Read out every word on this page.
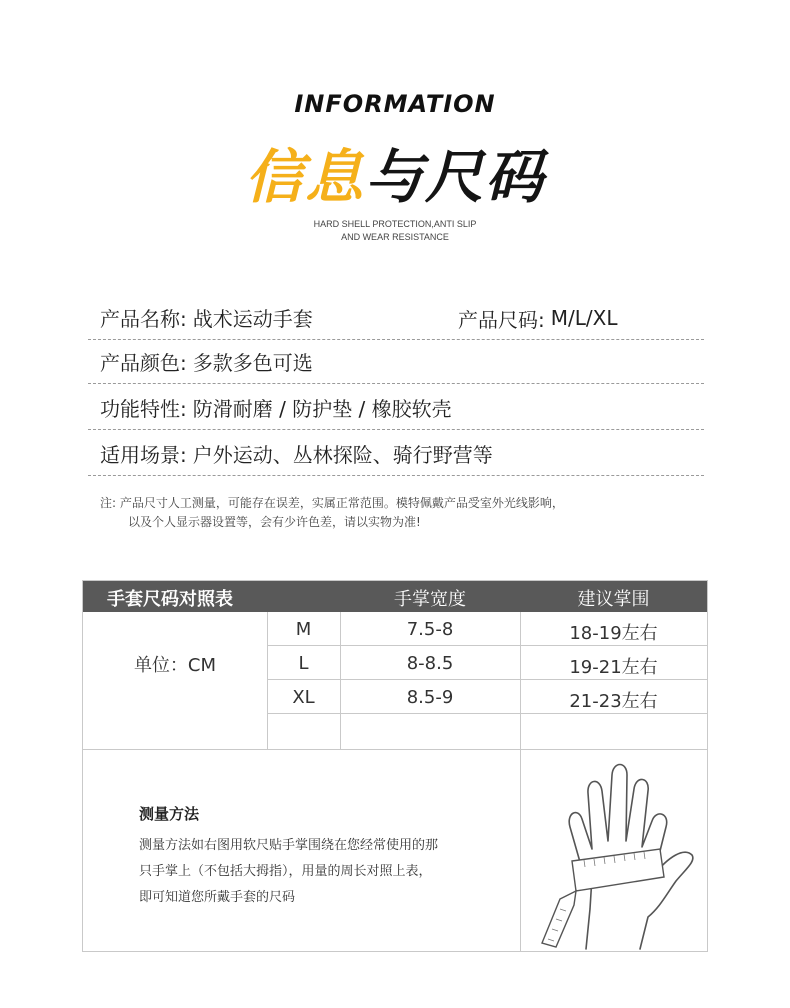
INFORMATION
信息与尺码
HARD SHELL PROTECTION,ANTI SLIP
AND WEAR RESISTANCE
产品名称: 战术运动手套	产品尺码: M/L/XL
产品颜色: 多款多色可选
功能特性: 防滑耐磨 / 防护垫 / 橡胶软壳
适用场景: 户外运动、丛林探险、骑行野营等
注: 产品尺寸人工测量，可能存在误差，实属正常范围。模特佩戴产品受室外光线影响，
以及个人显示器设置等，会有少许色差，请以实物为准!
手套尺码对照表	手掌宽度	建议掌围
单位：CM
M	7.5-8	18-19左右
L	8-8.5	19-21左右
XL	8.5-9	21-23左右
测量方法
测量方法如右图用软尺贴手掌围绕在您经常使用的那
只手掌上（不包括大拇指），用量的周长对照上表，
即可知道您所戴手套的尺码
